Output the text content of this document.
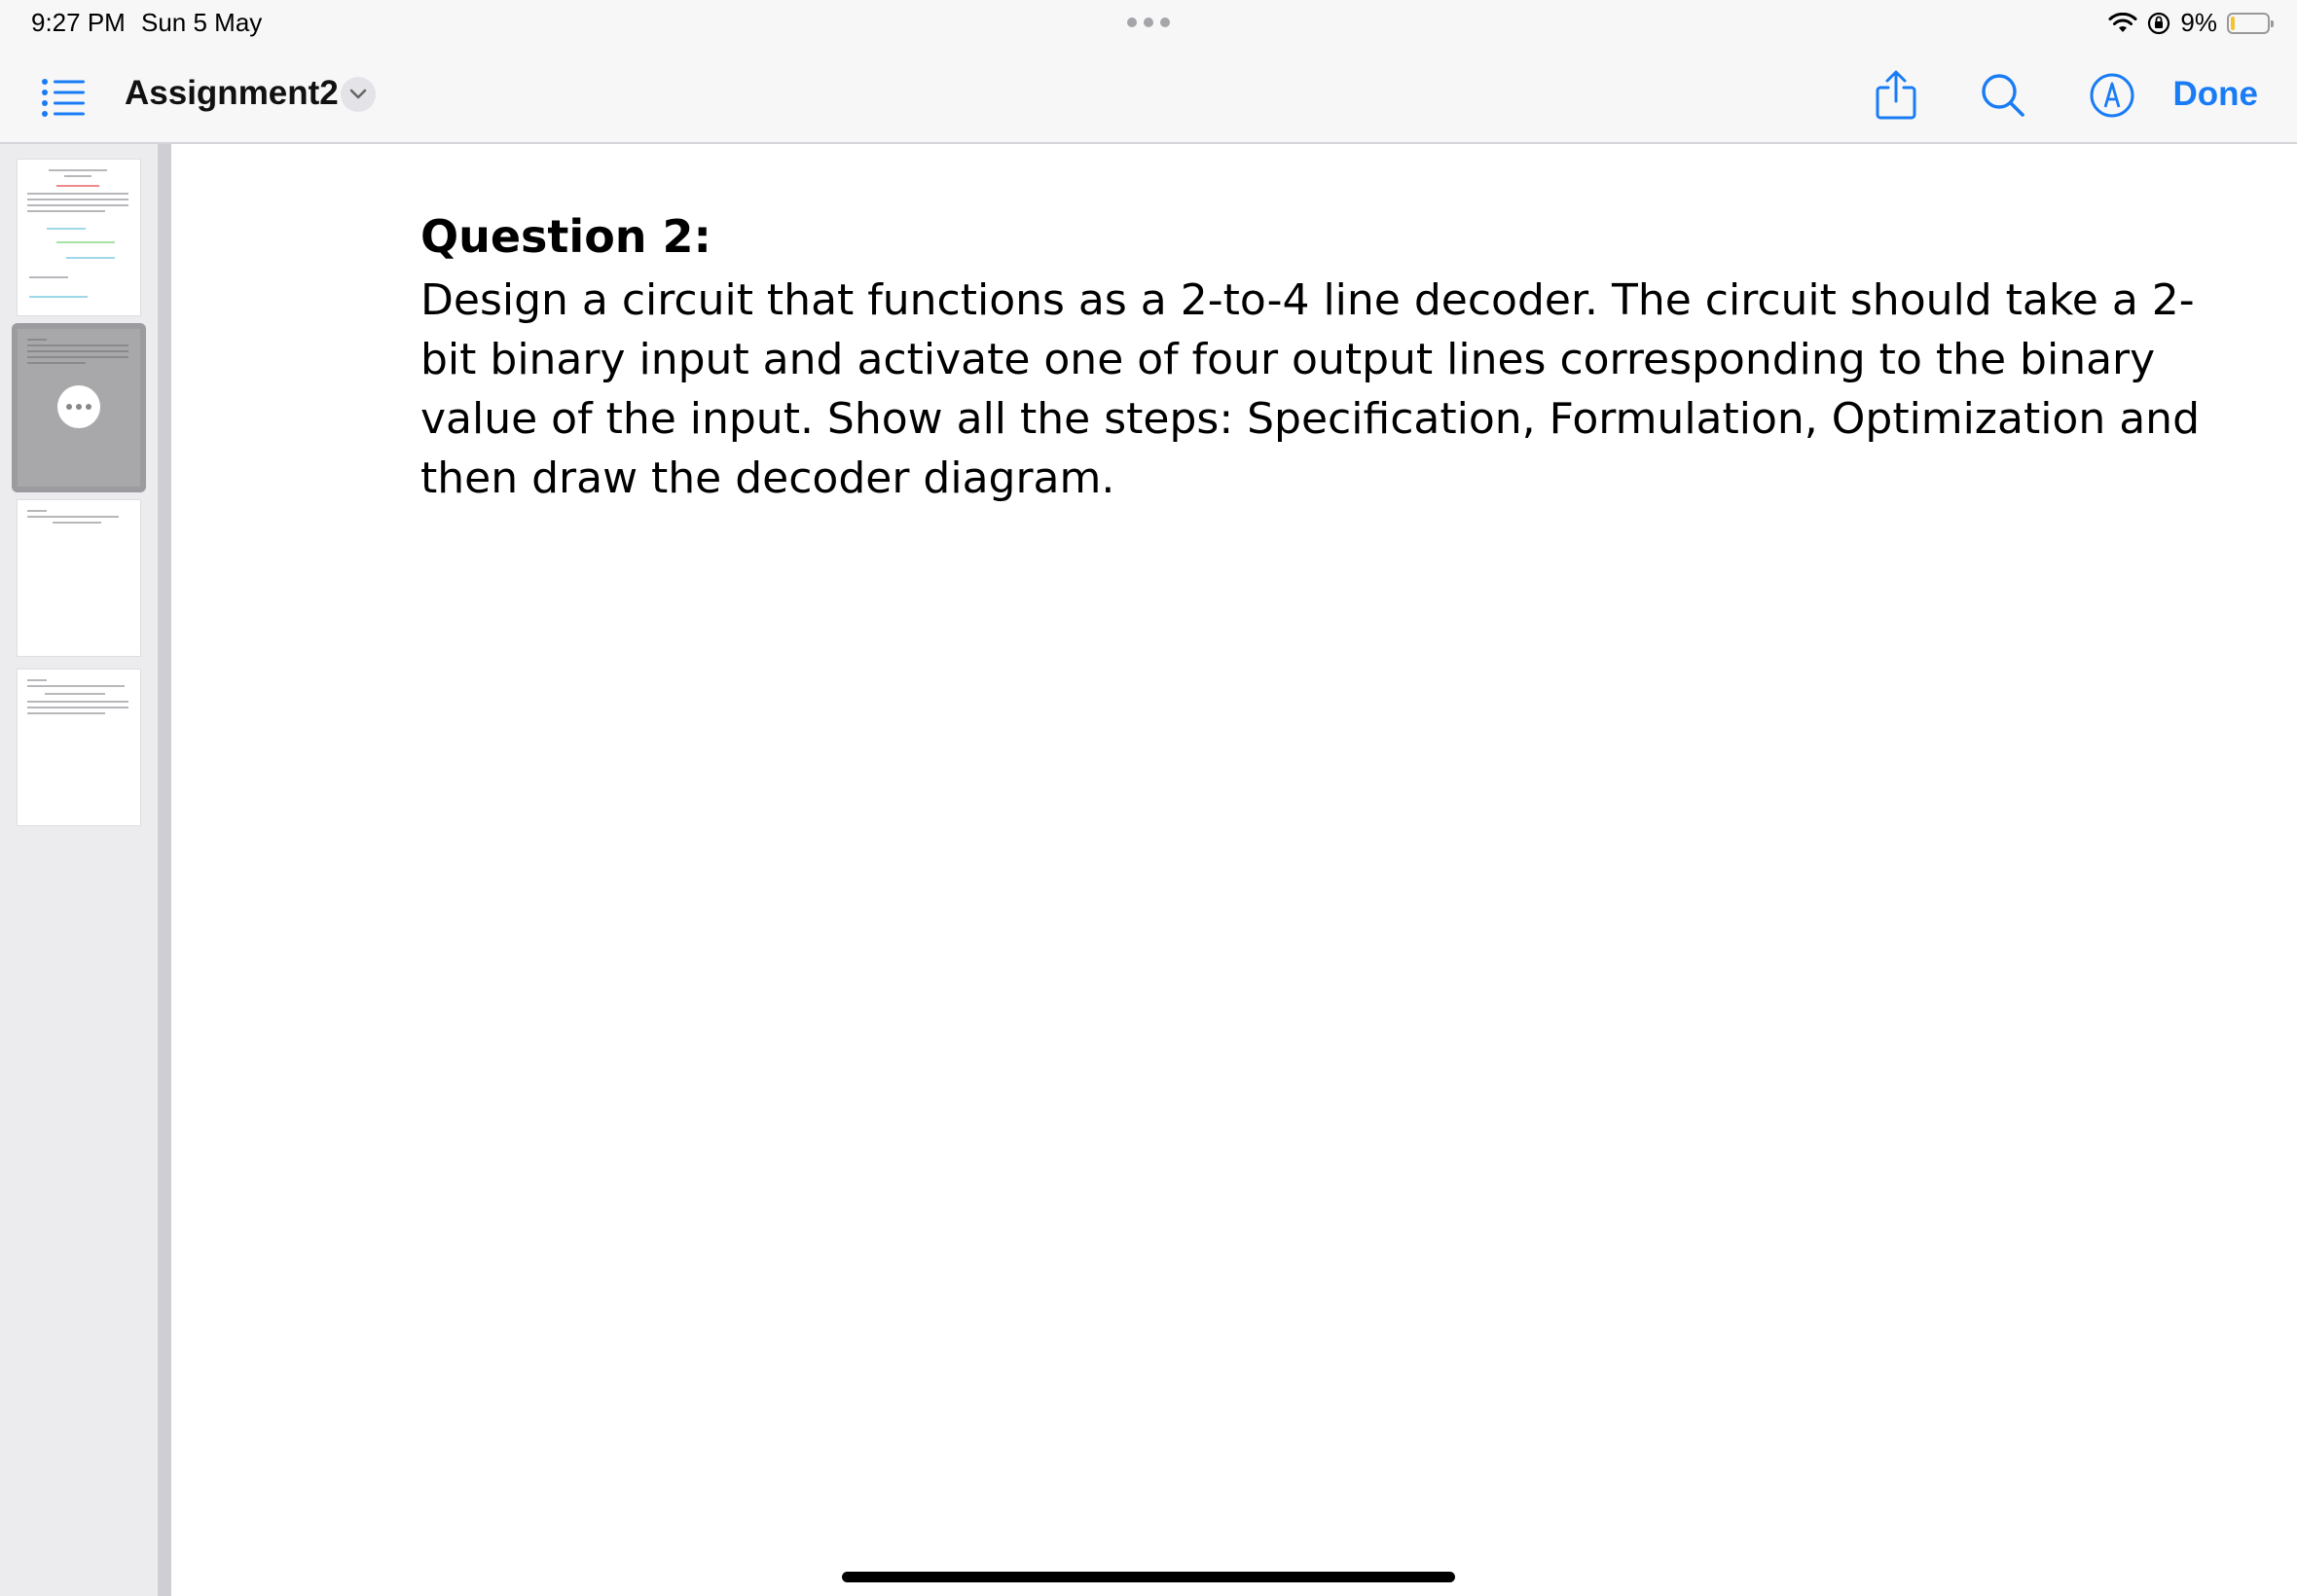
9:27 PM Sun 5 May	9%
Assignment2	Done
Question 2:
Design a circuit that functions as a 2-to-4 line decoder. The circuit should take a 2-bit binary input and activate one of four output lines corresponding to the binary value of the input. Show all the steps: Specification, Formulation, Optimization and then draw the decoder diagram.
